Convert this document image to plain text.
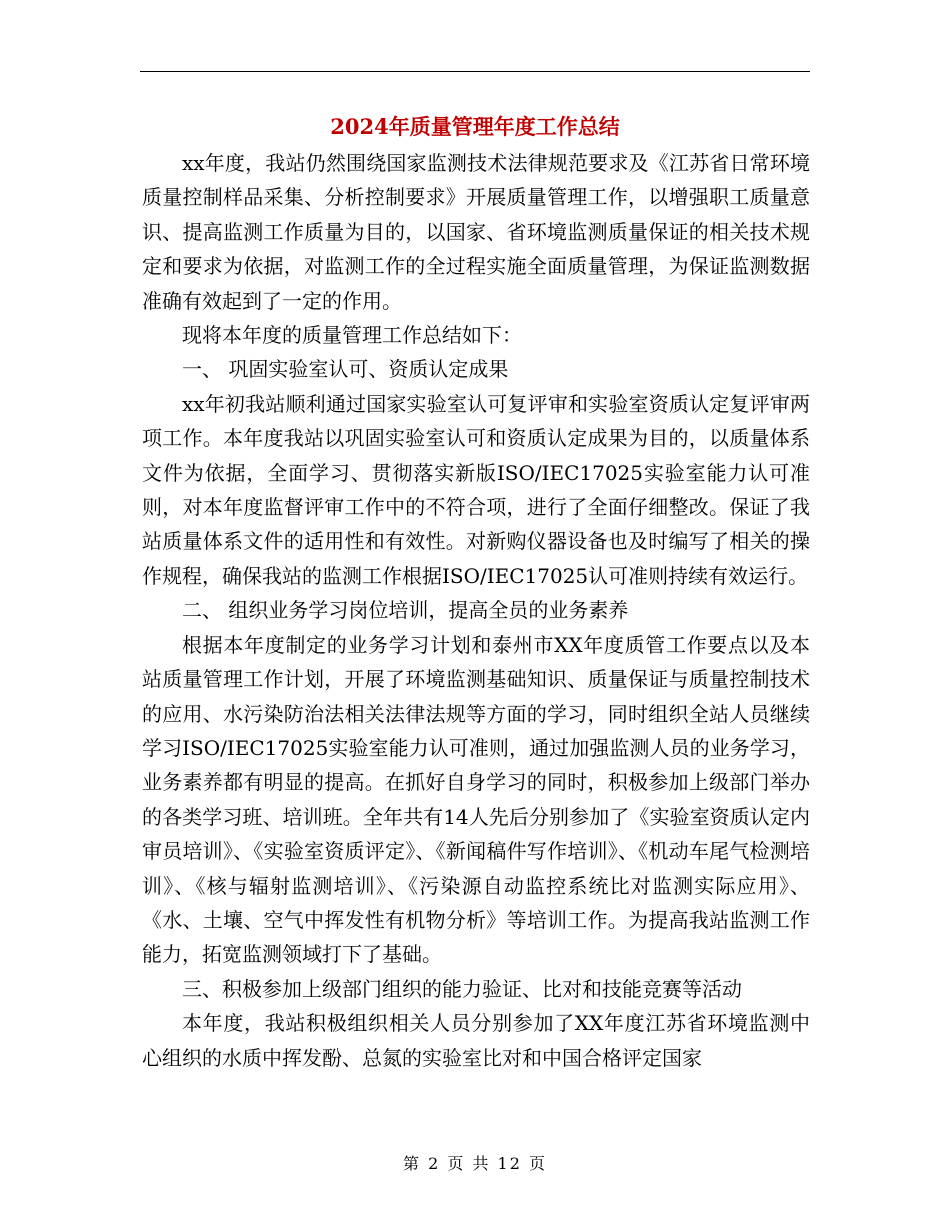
2024年质量管理年度工作总结

xx年度，我站仍然围绕国家监测技术法律规范要求及《江苏省日常环境质量控制样品采集、分析控制要求》开展质量管理工作，以增强职工质量意识、提高监测工作质量为目的，以国家、省环境监测质量保证的相关技术规定和要求为依据，对监测工作的全过程实施全面质量管理，为保证监测数据准确有效起到了一定的作用。

现将本年度的质量管理工作总结如下：

一、 巩固实验室认可、资质认定成果

xx年初我站顺利通过国家实验室认可复评审和实验室资质认定复评审两项工作。本年度我站以巩固实验室认可和资质认定成果为目的，以质量体系文件为依据，全面学习、贯彻落实新版ISO/IEC17025实验室能力认可准则，对本年度监督评审工作中的不符合项，进行了全面仔细整改。保证了我站质量体系文件的适用性和有效性。对新购仪器设备也及时编写了相关的操作规程，确保我站的监测工作根据ISO/IEC17025认可准则持续有效运行。

二、 组织业务学习岗位培训，提高全员的业务素养

根据本年度制定的业务学习计划和泰州市XX年度质管工作要点以及本站质量管理工作计划，开展了环境监测基础知识、质量保证与质量控制技术的应用、水污染防治法相关法律法规等方面的学习，同时组织全站人员继续学习ISO/IEC17025实验室能力认可准则，通过加强监测人员的业务学习，业务素养都有明显的提高。在抓好自身学习的同时，积极参加上级部门举办的各类学习班、培训班。全年共有14人先后分别参加了《实验室资质认定内审员培训》、《实验室资质评定》、《新闻稿件写作培训》、《机动车尾气检测培训》、《核与辐射监测培训》、《污染源自动监控系统比对监测实际应用》、《水、土壤、空气中挥发性有机物分析》等培训工作。为提高我站监测工作能力，拓宽监测领域打下了基础。

三、积极参加上级部门组织的能力验证、比对和技能竞赛等活动

本年度，我站积极组织相关人员分别参加了XX年度江苏省环境监测中心组织的水质中挥发酚、总氮的实验室比对和中国合格评定国家

第 2 页 共 12 页
